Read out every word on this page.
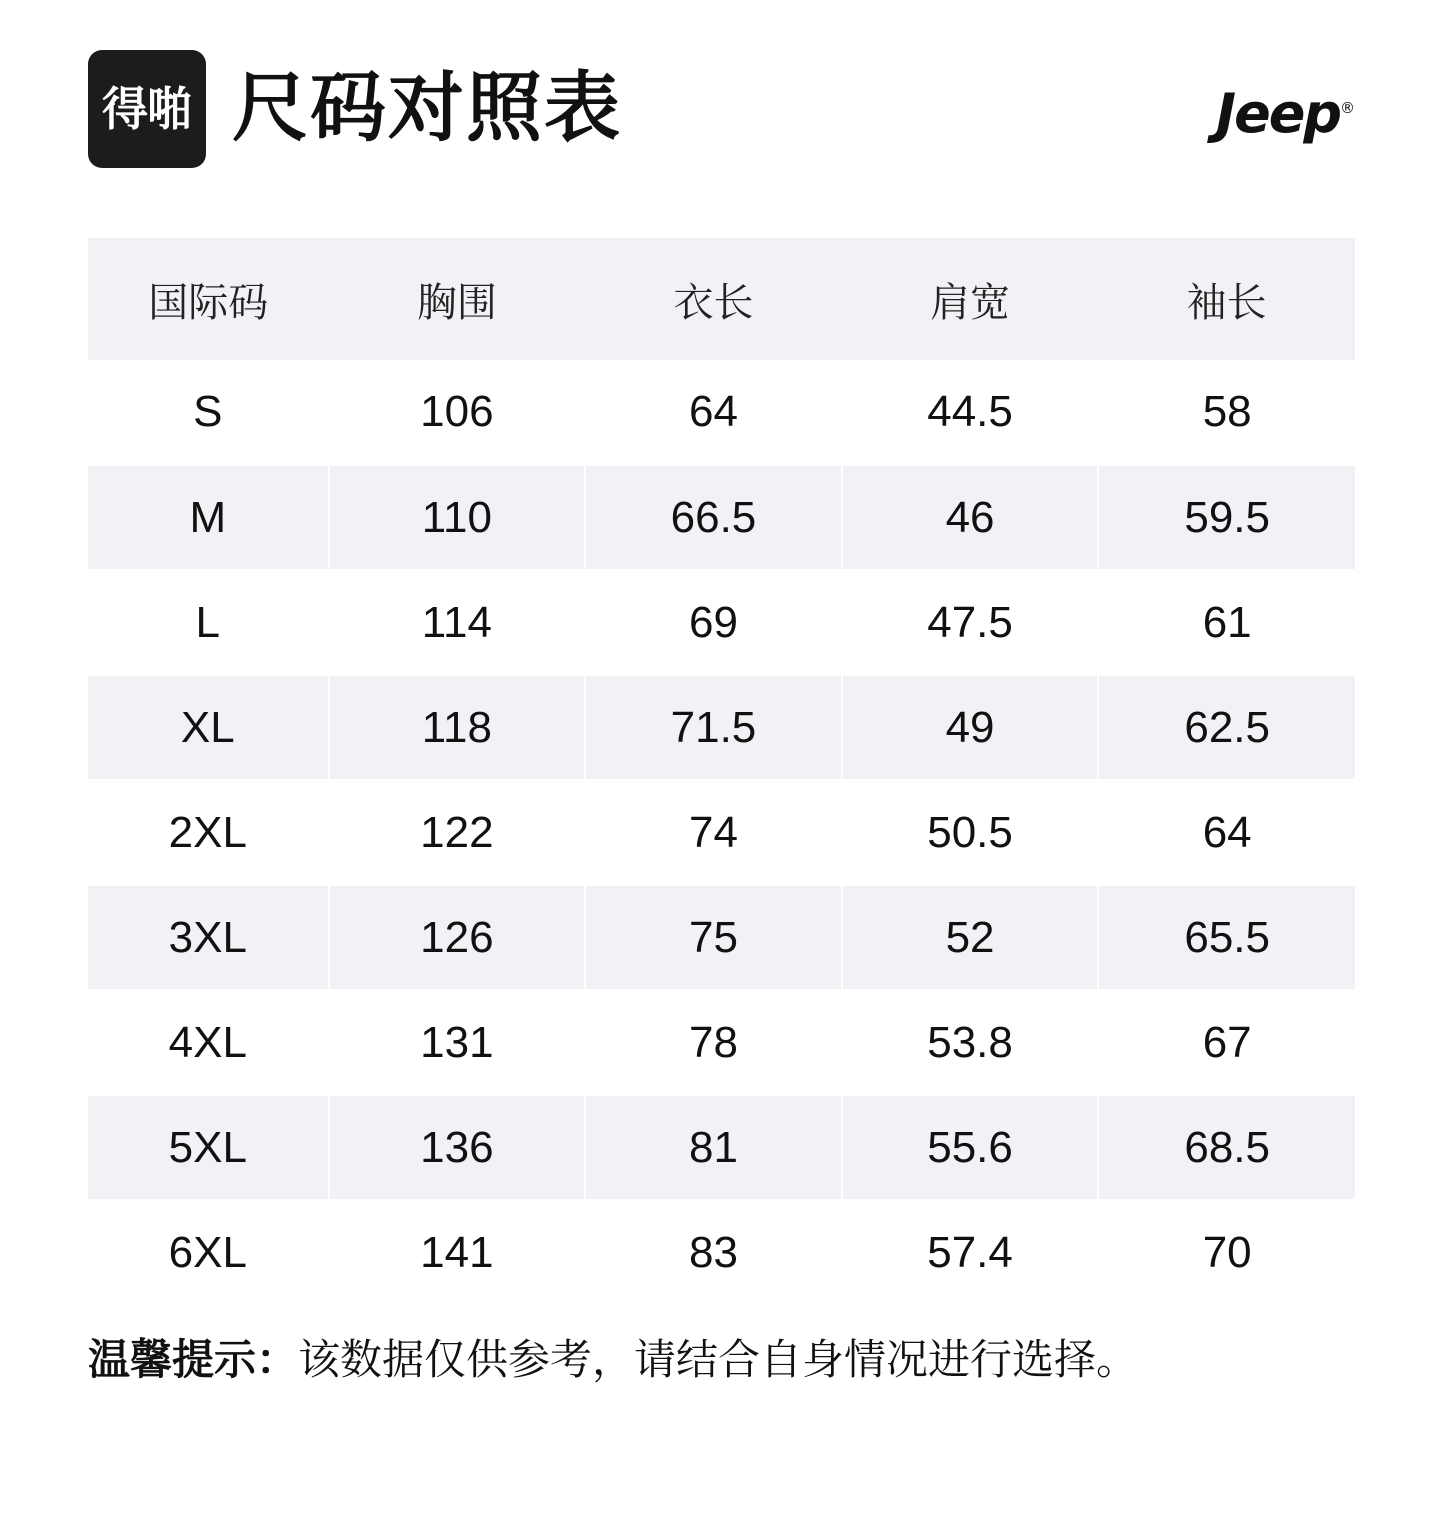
得啪 尺码对照表	Jeep®
国际码	胸围	衣长	肩宽	袖长
S	106	64	44.5	58
M	110	66.5	46	59.5
L	114	69	47.5	61
XL	118	71.5	49	62.5
2XL	122	74	50.5	64
3XL	126	75	52	65.5
4XL	131	78	53.8	67
5XL	136	81	55.6	68.5
6XL	141	83	57.4	70
温馨提示：该数据仅供参考，请结合自身情况进行选择。
